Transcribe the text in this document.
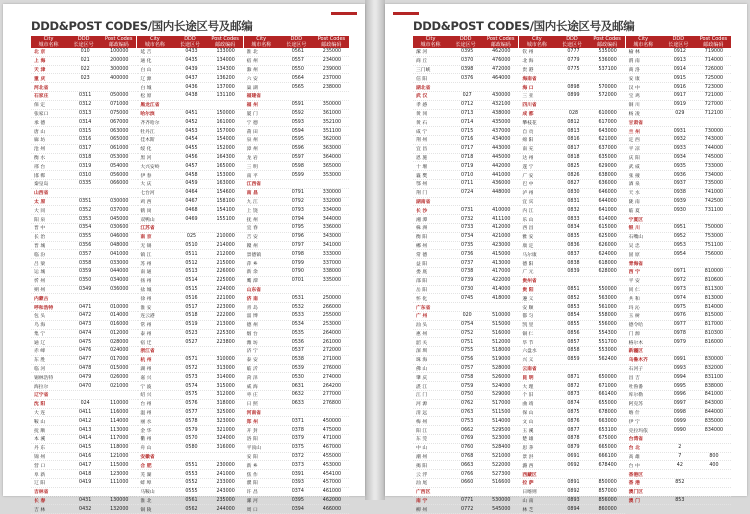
DDD&POST CODES/国内长途区号及邮编
City
城市名称
DDD
长途区号
Post Codes
邮政编码
北 京	010	100000
上 海	021	200000
天 津	022	300000
重 庆	023	400000
河北省
石家庄	0311	050000
保 定	0312	071000
张家口	0313	075000
承 德	0314	067000
唐 山	0315	063000
廊 坊	0316	065000
沧 州	0317	061000
衡 水	0318	053000
邢 台	0319	054000
邯 郸	0310	056000
秦皇岛	0335	066000
山西省
太 原	0351	030000
大 同	0352	037000
阳 泉	0353	045000
晋 中	0354	030600
长 治	0355	046000
晋 城	0356	048000
临 汾	0357	041000
吕 梁	0358	033000
运 城	0359	044000
忻 州	0350	034000
朔 州	0349	036000
内蒙古
呼和浩特	0471	010000
包 头	0472	014000
乌 海	0473	016000
集 宁	0474	012000
通 辽	0475	028000
赤 峰	0476	024000
东 胜	0477	017000
临 河	0478	015000
锡林浩特	0479	026000
海拉尔	0470	021000
辽宁省
沈 阳	024	110000
大 连	0411	116000
鞍 山	0412	114000
抚 顺	0413	113000
本 溪	0414	117000
丹 东	0415	118000
锦 州	0416	121000
营 口	0417	115000
阜 新	0418	123000
辽 阳	0419	111000
吉林省
长 春	0431	130000
吉 林	0432	132000
City
城市名称
DDD
长途区号
Post Codes
邮政编码
延 吉	0433	133000
通 化	0435	134000
白 山	0439	134300
辽 源	0437	136200
白 城	0436	137000
松 原	0438	131100
黑龙江省
哈尔滨	0451	150000
齐齐哈尔	0452	161000
牡丹江	0453	157000
佳木斯	0454	154000
绥 化	0455	152000
黑 河	0456	164300
大兴安岭	0457	165000
伊 春	0458	153000
大 庆	0459	163000
七台河	0464	154600
鸡 西	0467	158100
鹤 岗	0468	154100
双鸭山	0469	155100
江苏省
南 京	025	210000
无 锡	0510	214000
镇 江	0511	212000
苏 州	0512	215000
南 通	0513	226000
扬 州	0514	225000
盐 城	0515	224000
徐 州	0516	221000
淮 安	0517	223000
连云港	0518	222000
常 州	0519	213000
泰 州	0523	225300
宿 迁	0527	223800
浙江省
杭 州	0571	310000
湖 州	0572	313000
嘉 兴	0573	314000
宁 波	0574	315000
绍 兴	0575	312000
台 州	0576	318000
温 州	0577	325000
丽 水	0578	323000
金 华	0579	321000
衢 州	0570	324000
舟 山	0580	316000
安徽省
合 肥	0551	230000
芜 湖	0553	241000
蚌 埠	0552	233000
马鞍山	0555	243000
淮 北	0561	235000
铜 陵	0562	244000
City
城市名称
DDD
长途区号
Post Codes
邮政编码
淮 北	0561	235000
宿 州	0557	234000
滁 州	0550	239000
六 安	0564	237000
巢 湖	0565	238000
福建省
福 州	0591	350000
厦 门	0592	361000
宁 德	0593	352100
莆 田	0594	351100
泉 州	0595	362000
漳 州	0596	363000
龙 岩	0597	364000
三 明	0598	365000
南 平	0599	353000
江西省
南 昌	0791	330000
九 江	0792	332000
上 饶	0793	334000
抚 州	0794	344000
宜 春	0795	336000
吉 安	0796	343000
赣 州	0797	341000
景德镇	0798	333000
萍 乡	0799	337000
新 余	0790	338000
鹰 潭	0701	335000
山东省
济 南	0531	250000
青 岛	0532	266000
淄 博	0533	255000
德 州	0534	253000
烟 台	0535	264000
潍 坊	0536	261000
济 宁	0537	272000
泰 安	0538	271000
临 沂	0539	276000
菏 泽	0530	274000
威 海	0631	264200
枣 庄	0632	277000
日 照	0633	276800
河南省
郑 州	0371	450000
开 封	0378	475000
洛 阳	0379	471000
平顶山	0375	467000
安 阳	0372	455000
新 乡	0373	453000
焦 作	0391	454100
濮 阳	0393	457000
许 昌	0374	461000
漯 河	0395	462000
周 口	0394	466000
DDD&POST CODES/国内长途区号及邮编
City
城市名称
DDD
长途区号
Post Codes
邮政编码
漯 河	0395	462000
商 丘	0370	476000
三门峡	0398	472000
信 阳	0376	464000
湖北省
武 汉	027	430000
孝 感	0712	432100
黄 冈	0713	438000
黄 石	0714	435000
咸 宁	0715	437000
荆 州	0716	434000
宜 昌	0717	443000
恩 施	0718	445000
十 堰	0719	442000
襄 樊	0710	441000
鄂 州	0711	436000
荆 门	0724	448000
湖南省
长 沙	0731	410000
湘 潭	0732	411100
株 洲	0733	412000
衡 阳	0734	421000
郴 州	0735	423000
常 德	0736	415000
益 阳	0737	413000
娄 底	0738	417000
邵 阳	0739	422000
岳 阳	0730	414000
怀 化	0745	418000
广东省
广 州	020	510000
汕 头	0754	515000
惠 州	0752	516000
韶 关	0751	512000
深 圳	0755	518000
珠 海	0756	519000
佛 山	0757	528000
肇 庆	0758	526000
湛 江	0759	524000
江 门	0750	529000
河 源	0762	517000
清 远	0763	511500
梅 州	0753	514000
阳 江	0662	529500
东 莞	0769	523000
中 山	0760	528400
潮 州	0768	521000
揭 阳	0663	522000
云 浮	0766	527300
汕 尾	0660	516600
广西区
南 宁	0771	530000
柳 州	0772	545000
City
城市名称
DDD
长途区号
Post Codes
邮政编码
钦 州	0777	535000
北 海	0779	536000
贵 港	0775	537100
海南省
海 口	0898	570000
三 亚	0899	572000
四川省
成 都	028	610000
攀枝花	0812	617000
自 贡	0813	643000
绵 阳	0816	621000
南 充	0817	637000
达 州	0818	635000
遂 宁	0825	629000
广 安	0826	638000
巴 中	0827	636000
泸 州	0830	646000
宜 宾	0831	644000
内 江	0832	641000
乐 山	0833	614000
西 昌	0834	615000
雅 安	0835	625000
康 定	0836	626000
马尔康	0837	624000
德 阳	0838	618000
广 元	0839	628000
贵州省
贵 阳	0851	550000
遵 义	0852	563000
安 顺	0853	561000
都 匀	0854	558000
凯 里	0855	556000
铜 仁	0856	554300
毕 节	0857	551700
六盘水	0858	553000
兴 义	0859	562400
云南省
昆 明	0871	650000
大 理	0872	671000
个 旧	0873	661400
曲 靖	0874	655000
保 山	0875	678000
文 山	0876	663000
玉 溪	0877	653100
楚 雄	0878	675000
思 茅	0879	665000
景 洪	0691	666100
潞 西	0692	678400
西藏区
拉 萨	0891	850000
日喀则	0892	857000
山 南	0893	856000
林 芝	0894	860000
City
城市名称
DDD
长途区号
Post Codes
邮政编码
榆 林	0912	719000
渭 南	0913	714000
商 洛	0914	726000
安 康	0915	725000
汉 中	0916	723000
宝 鸡	0917	721000
铜 川	0919	727000
杨 凌	029	712100
甘肃省
兰 州	0931	730000
定 西	0932	743000
平 凉	0933	744000
庆 阳	0934	745000
武 威	0935	733000
张 掖	0936	734000
酒 泉	0937	735000
天 水	0938	741000
陇 南	0939	742500
临 夏	0930	731100
宁夏区
银 川	0951	750000
石嘴山	0952	753000
吴 忠	0953	751100
固 原	0954	756000
青海省
西 宁	0971	810000
平 安	0972	810600
同 仁	0973	811300
共 和	0974	813000
玛 沁	0975	814000
玉 树	0976	815000
德令哈	0977	817000
门 源	0978	810300
格尔木	0979	816000
新疆区
乌鲁木齐	0991	830000
石河子	0993	832000
昌 吉	0994	831100
吐鲁番	0995	838000
库尔勒	0996	841000
阿克苏	0997	843000
喀 什	0998	844000
伊 宁	0999	835000
克拉玛依	0990	834000
台湾省
台 北	2
高 雄	7	800
台 中	42	400
香港区
香 港	852
澳门区
澳 门	853
